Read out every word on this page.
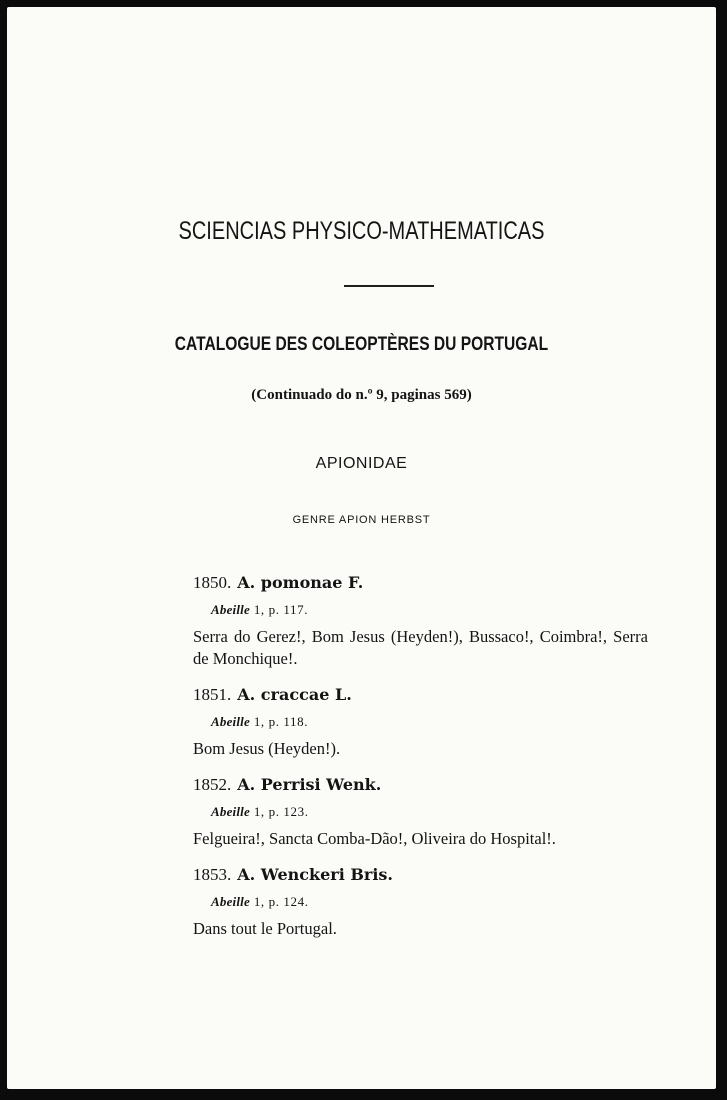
SCIENCIAS PHYSICO-MATHEMATICAS
CATALOGUE DES COLEOPTÈRES DU PORTUGAL
(Continuado do n.º 9, paginas 569)
APIONIDAE
GENRE APION HERBST
1850. A. pomonae F.
Abeille 1, p. 117.
Serra do Gerez!, Bom Jesus (Heyden!), Bussaco!, Coimbra!, Serra de Monchique!.
1851. A. craccae L.
Abeille 1, p. 118.
Bom Jesus (Heyden!).
1852. A. Perrisi Wenk.
Abeille 1, p. 123.
Felgueira!, Sancta Comba-Dão!, Oliveira do Hospital!.
1853. A. Wenckeri Bris.
Abeille 1, p. 124.
Dans tout le Portugal.
